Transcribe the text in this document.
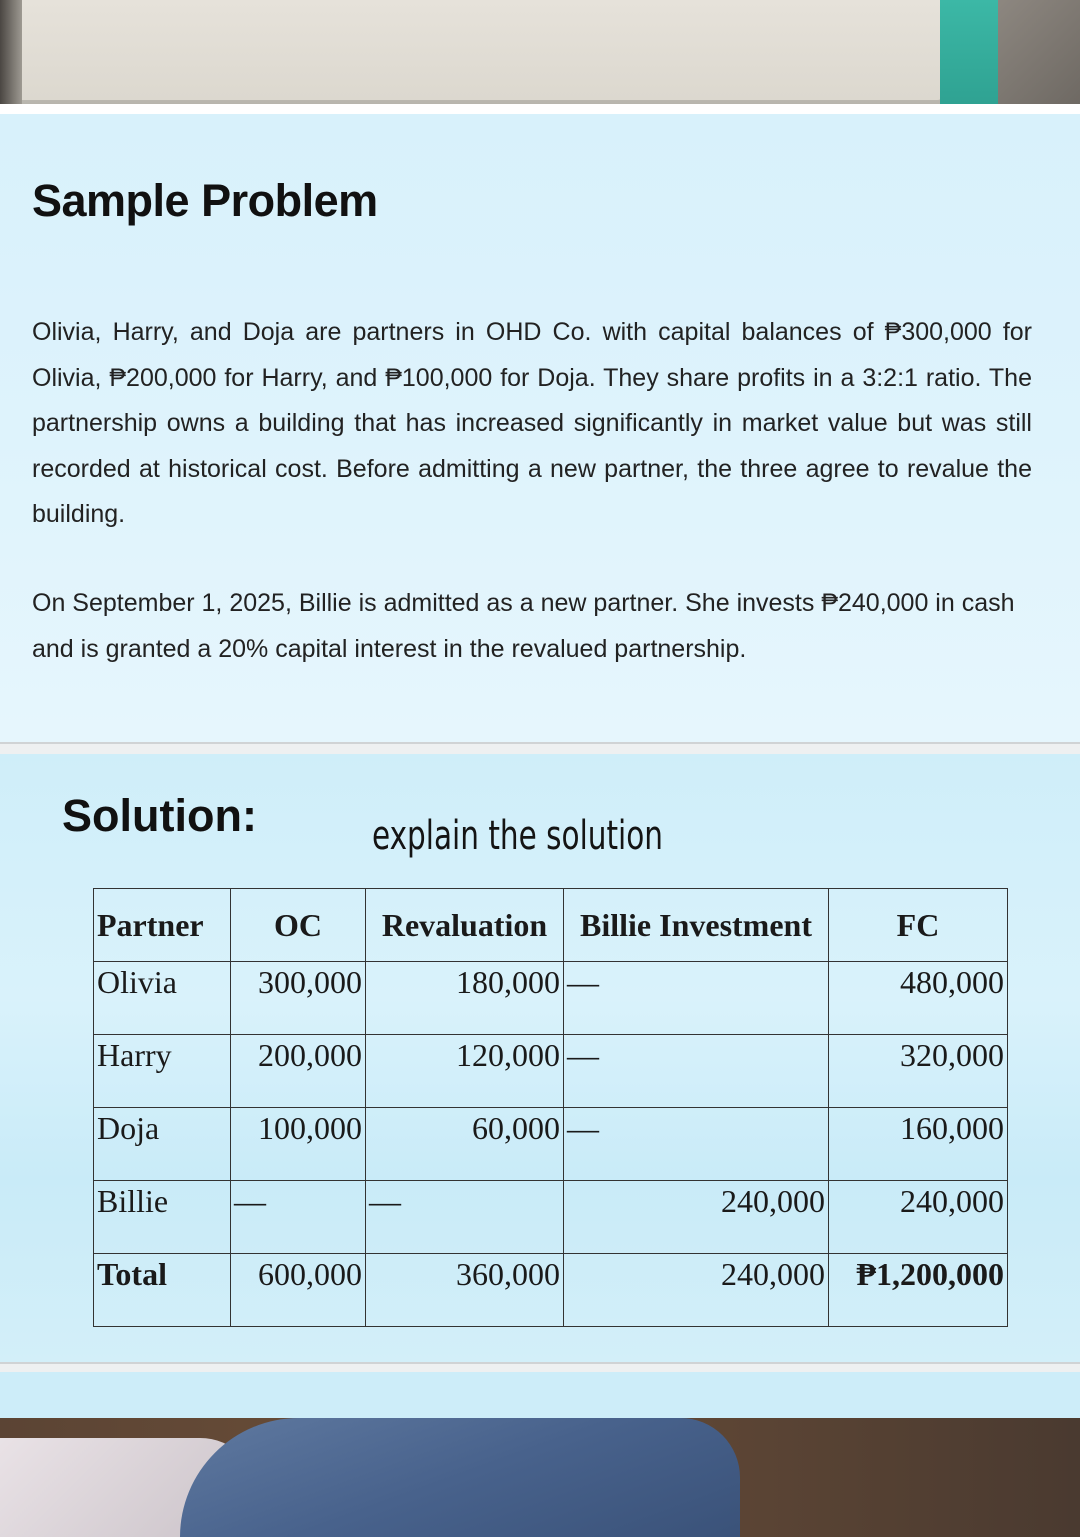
Sample Problem

Olivia, Harry, and Doja are partners in OHD Co. with capital balances of ₱300,000 for Olivia, ₱200,000 for Harry, and ₱100,000 for Doja. They share profits in a 3:2:1 ratio. The partnership owns a building that has increased significantly in market value but was still recorded at historical cost. Before admitting a new partner, the three agree to revalue the building.

On September 1, 2025, Billie is admitted as a new partner. She invests ₱240,000 in cash and is granted a 20% capital interest in the revalued partnership.

Solution:	explain the solution
Partner	OC	Revaluation	Billie Investment	FC
Olivia	300,000	180,000	—	480,000
Harry	200,000	120,000	—	320,000
Doja	100,000	60,000	—	160,000
Billie	—	—	240,000	240,000
Total	600,000	360,000	240,000	₱1,200,000
